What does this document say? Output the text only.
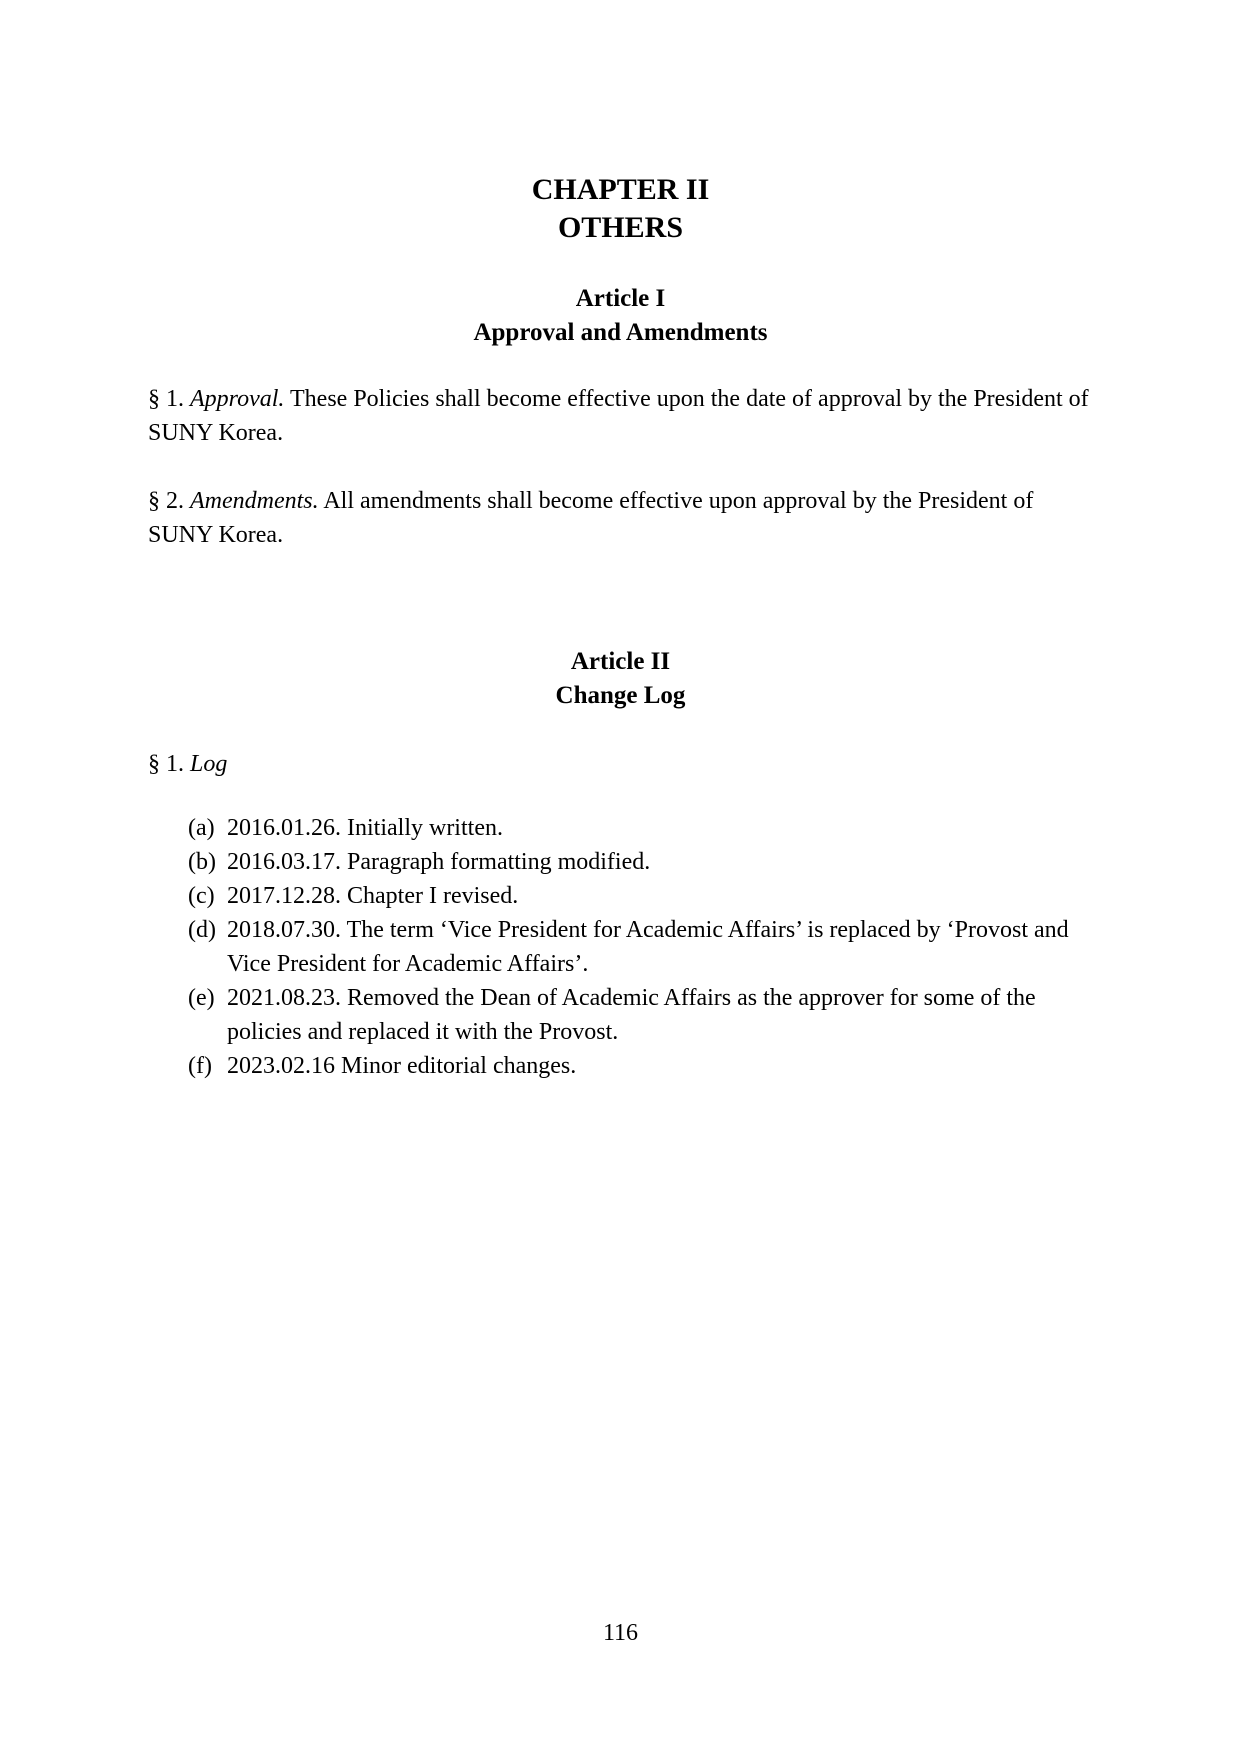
CHAPTER II
OTHERS
Article I
Approval and Amendments

§ 1. Approval. These Policies shall become effective upon the date of approval by the President of SUNY Korea.

§ 2. Amendments. All amendments shall become effective upon approval by the President of SUNY Korea.

Article II
Change Log

§ 1. Log

(a) 2016.01.26. Initially written.
(b) 2016.03.17. Paragraph formatting modified.
(c) 2017.12.28. Chapter I revised.
(d) 2018.07.30. The term ‘Vice President for Academic Affairs’ is replaced by ‘Provost and Vice President for Academic Affairs’.
(e) 2021.08.23. Removed the Dean of Academic Affairs as the approver for some of the policies and replaced it with the Provost.
(f) 2023.02.16 Minor editorial changes.
116
